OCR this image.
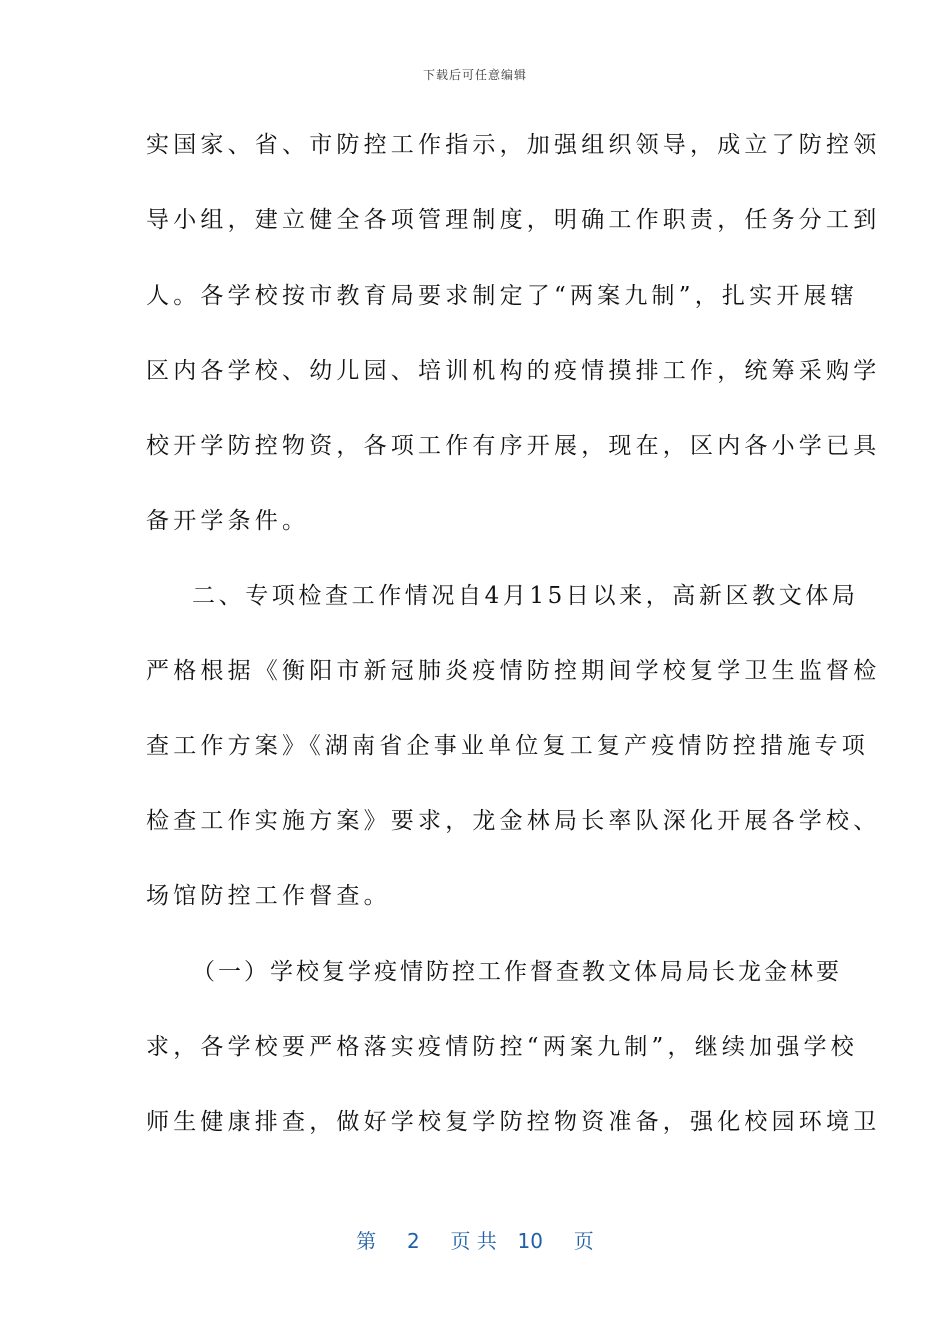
下载后可任意编辑
实国家、省、市防控工作指示，加强组织领导，成立了防控领
导小组，建立健全各项管理制度，明确工作职责，任务分工到
人。各学校按市教育局要求制定了“两案九制”，扎实开展辖
区内各学校、幼儿园、培训机构的疫情摸排工作，统筹采购学
校开学防控物资，各项工作有序开展，现在，区内各小学已具
备开学条件。
二、专项检查工作情况自4月15日以来，高新区教文体局
严格根据《衡阳市新冠肺炎疫情防控期间学校复学卫生监督检
查工作方案》《湖南省企事业单位复工复产疫情防控措施专项
检查工作实施方案》要求，龙金林局长率队深化开展各学校、
场馆防控工作督查。
（一）学校复学疫情防控工作督查教文体局局长龙金林要
求，各学校要严格落实疫情防控“两案九制”，继续加强学校
师生健康排查，做好学校复学防控物资准备，强化校园环境卫
第 2 页 共 10 页
